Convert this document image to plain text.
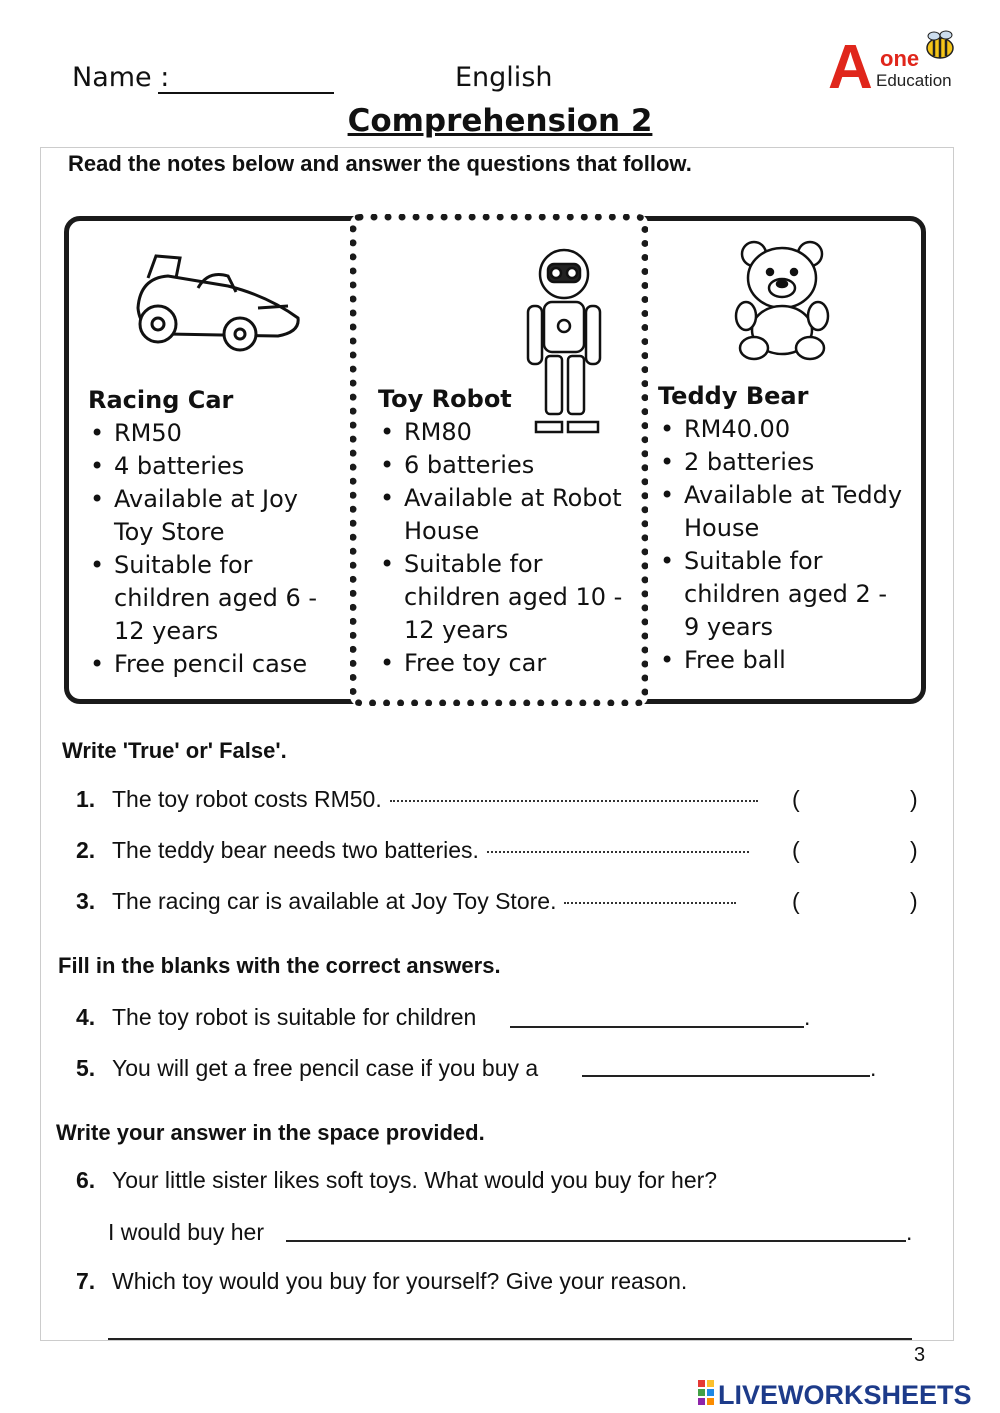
Name :	English
Comprehension 2
A one
Education
Read the notes below and answer the questions that follow.
Racing Car
• RM50
• 4 batteries
• Available at Joy Toy Store
• Suitable for children aged 6 - 12 years
• Free pencil case
Toy Robot
• RM80
• 6 batteries
• Available at Robot House
• Suitable for children aged 10 - 12 years
• Free toy car
Teddy Bear
• RM40.00
• 2 batteries
• Available at Teddy House
• Suitable for children aged 2 - 9 years
• Free ball
Write 'True' or' False'.
1. The toy robot costs RM50.	(	)
2. The teddy bear needs two batteries.	(	)
3. The racing car is available at Joy Toy Store.	(	)
Fill in the blanks with the correct answers.
4. The toy robot is suitable for children	.
5. You will get a free pencil case if you buy a	.
Write your answer in the space provided.
6. Your little sister likes soft toys. What would you buy for her?
I would buy her	.
7. Which toy would you buy for yourself? Give your reason.
3
LIVEWORKSHEETS
